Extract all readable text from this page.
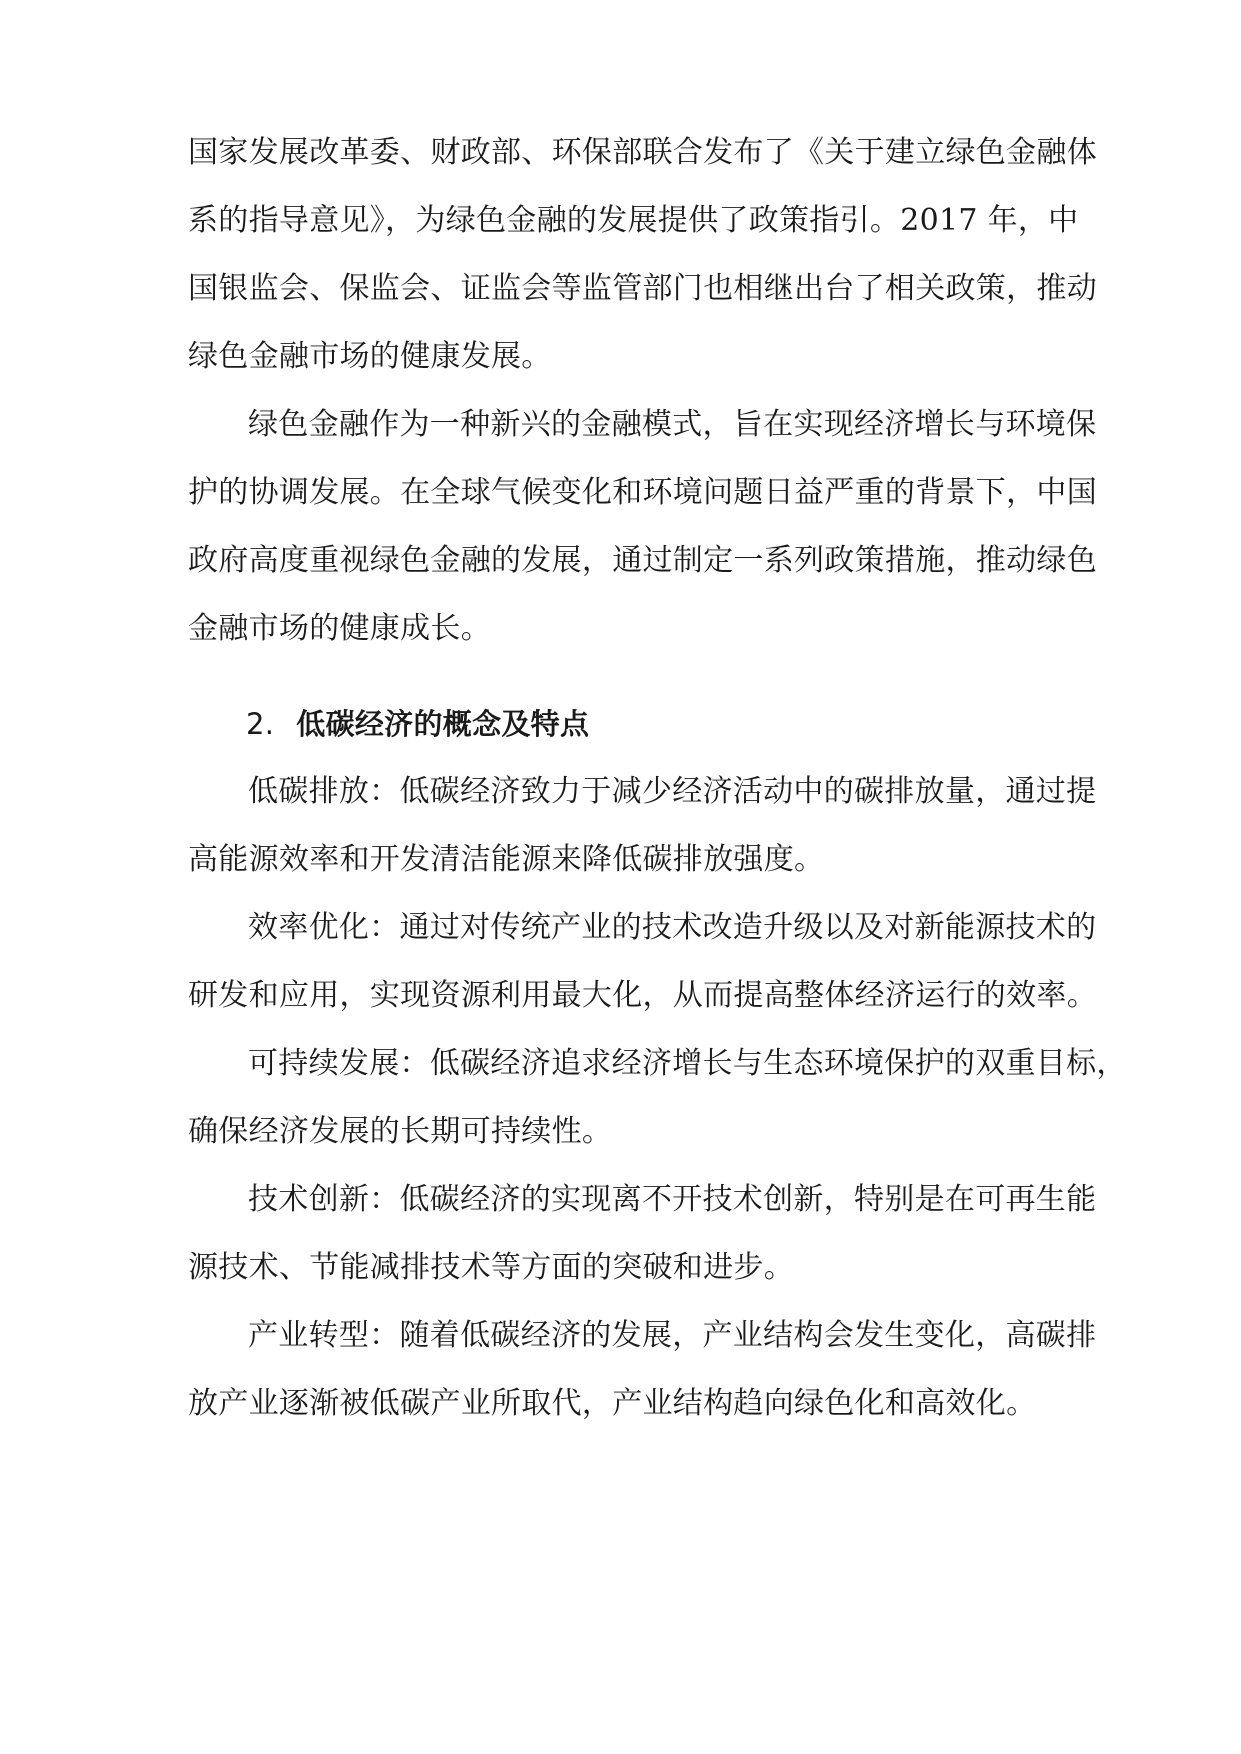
国家发展改革委、财政部、环保部联合发布了《关于建立绿色金融体
系的指导意见》，为绿色金融的发展提供了政策指引。2017 年，中
国银监会、保监会、证监会等监管部门也相继出台了相关政策，推动
绿色金融市场的健康发展。
绿色金融作为一种新兴的金融模式，旨在实现经济增长与环境保
护的协调发展。在全球气候变化和环境问题日益严重的背景下，中国
政府高度重视绿色金融的发展，通过制定一系列政策措施，推动绿色
金融市场的健康成长。
2. 低碳经济的概念及特点
低碳排放：低碳经济致力于减少经济活动中的碳排放量，通过提
高能源效率和开发清洁能源来降低碳排放强度。
效率优化：通过对传统产业的技术改造升级以及对新能源技术的
研发和应用，实现资源利用最大化，从而提高整体经济运行的效率。
可持续发展：低碳经济追求经济增长与生态环境保护的双重目标，
确保经济发展的长期可持续性。
技术创新：低碳经济的实现离不开技术创新，特别是在可再生能
源技术、节能减排技术等方面的突破和进步。
产业转型：随着低碳经济的发展，产业结构会发生变化，高碳排
放产业逐渐被低碳产业所取代，产业结构趋向绿色化和高效化。
